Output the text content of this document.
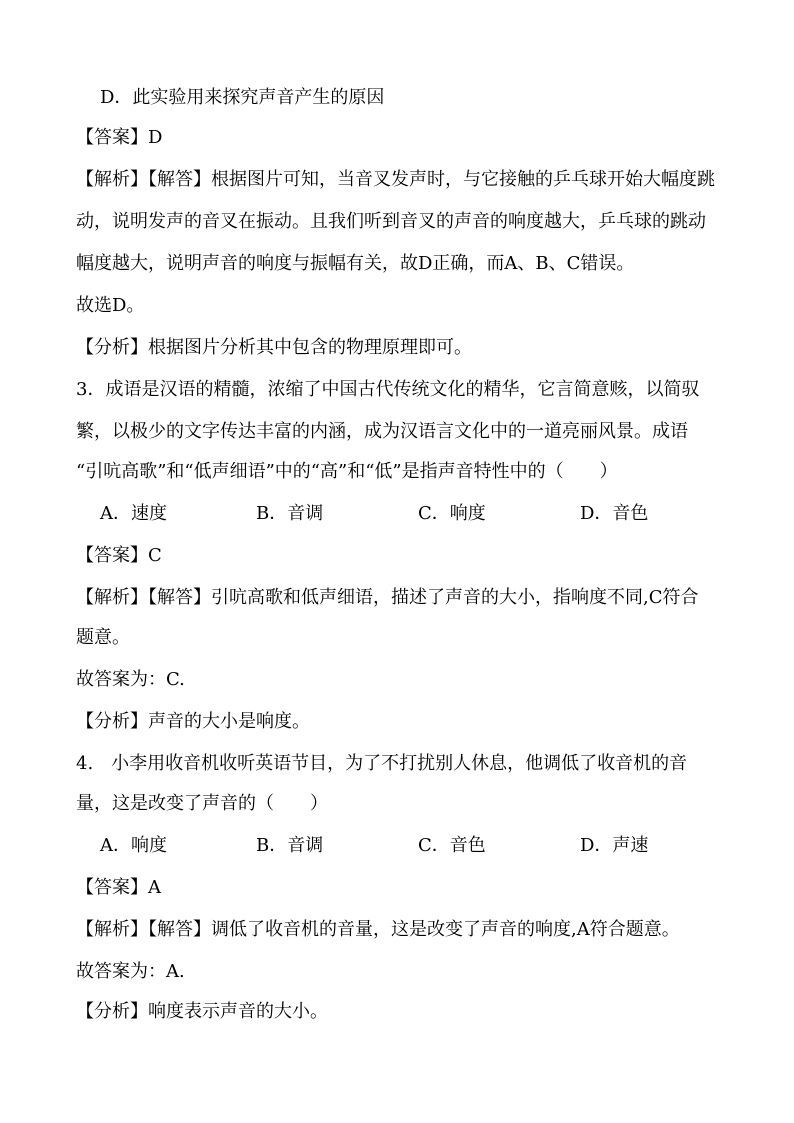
D．此实验用来探究声音产生的原因
【答案】D
【解析】【解答】根据图片可知，当音叉发声时，与它接触的乒乓球开始大幅度跳
动，说明发声的音叉在振动。且我们听到音叉的声音的响度越大，乒乓球的跳动
幅度越大，说明声音的响度与振幅有关，故D正确，而A、B、C错误。
故选D。
【分析】根据图片分析其中包含的物理原理即可。
3．成语是汉语的精髓，浓缩了中国古代传统文化的精华，它言简意赅，以简驭
繁，以极少的文字传达丰富的内涵，成为汉语言文化中的一道亮丽风景。成语
“引吭高歌”和“低声细语”中的“高”和“低”是指声音特性中的（　　）
A．速度	B．音调	C．响度	D．音色
【答案】C
【解析】【解答】引吭高歌和低声细语，描述了声音的大小，指响度不同,C符合
题意。
故答案为：C.
【分析】声音的大小是响度。
4.　小李用收音机收听英语节目，为了不打扰别人休息，他调低了收音机的音
量，这是改变了声音的（　　）
A．响度	B．音调	C．音色	D．声速
【答案】A
【解析】【解答】调低了收音机的音量，这是改变了声音的响度,A符合题意。
故答案为：A.
【分析】响度表示声音的大小。
